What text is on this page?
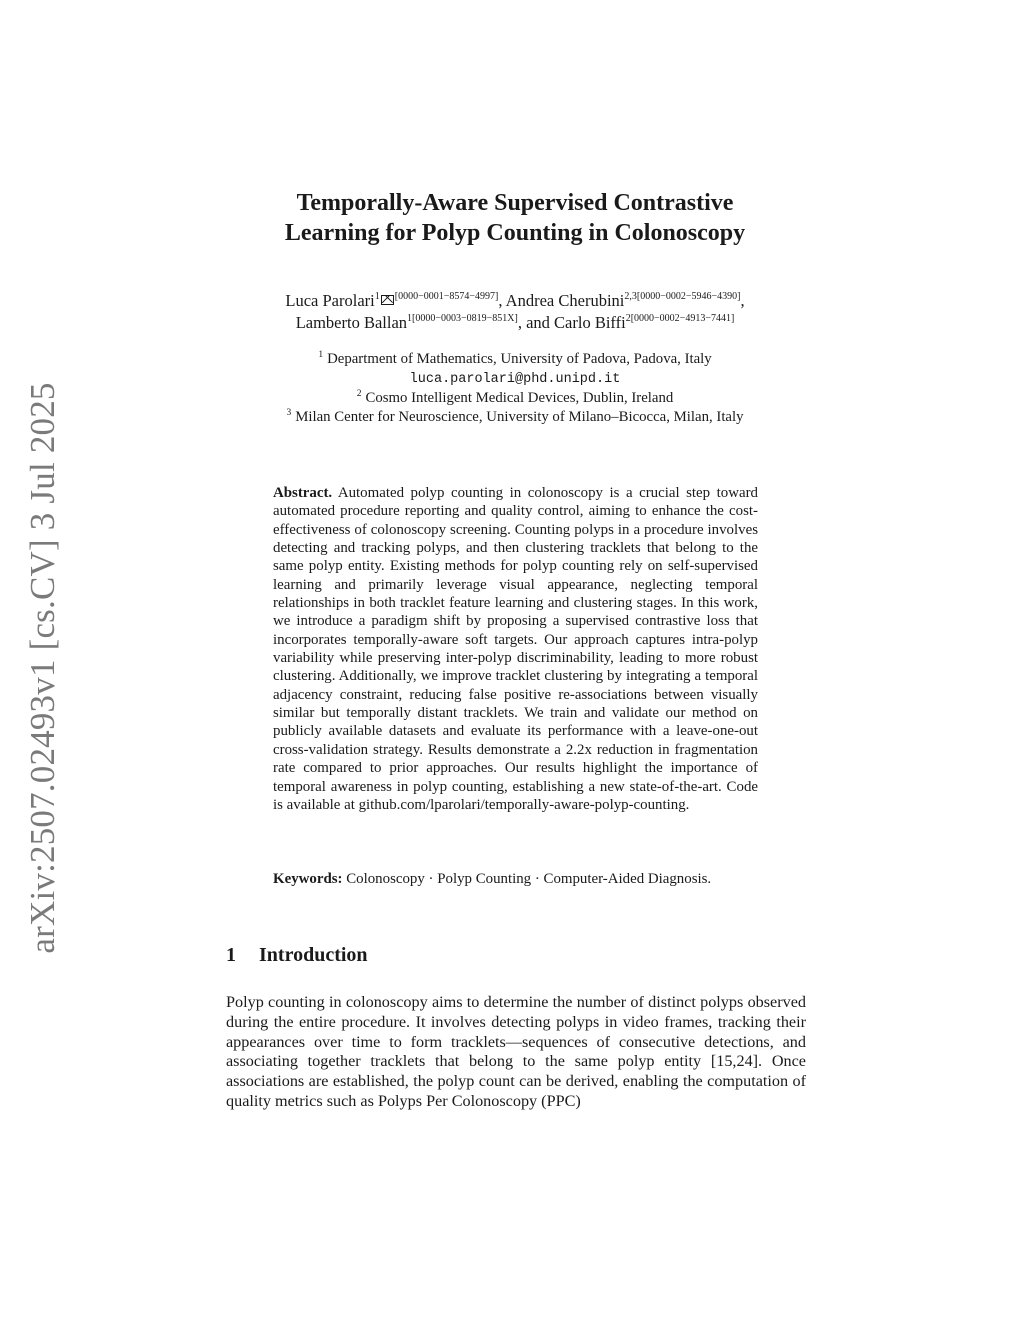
arXiv:2507.02493v1 [cs.CV] 3 Jul 2025
Temporally-Aware Supervised Contrastive
Learning for Polyp Counting in Colonoscopy
Luca Parolari$^1$ [0000−0001−8574−4997], Andrea Cherubini$^{2,3[0000-0002-5946-4390]}$,
Lamberto Ballan$^{1[0000-0003-0819-851X]}$, and Carlo Biffi$^{2[0000-0002-4913-7441]}$
$^1$ Department of Mathematics, University of Padova, Padova, Italy
luca.parolari@phd.unipd.it
$^2$ Cosmo Intelligent Medical Devices, Dublin, Ireland
$^3$ Milan Center for Neuroscience, University of Milano–Bicocca, Milan, Italy
Abstract. Automated polyp counting in colonoscopy is a crucial step toward automated procedure reporting and quality control, aiming to enhance the cost-effectiveness of colonoscopy screening. Counting polyps in a procedure involves detecting and tracking polyps, and then clustering tracklets that belong to the same polyp entity. Existing methods for polyp counting rely on self-supervised learning and primarily leverage visual appearance, neglecting temporal relationships in both tracklet feature learning and clustering stages. In this work, we introduce a paradigm shift by proposing a supervised contrastive loss that incorporates temporally-aware soft targets. Our approach captures intra-polyp variability while preserving inter-polyp discriminability, leading to more robust clustering. Additionally, we improve tracklet clustering by integrating a temporal adjacency constraint, reducing false positive re-associations between visually similar but temporally distant tracklets. We train and validate our method on publicly available datasets and evaluate its performance with a leave-one-out cross-validation strategy. Results demonstrate a 2.2x reduction in fragmentation rate compared to prior approaches. Our results highlight the importance of temporal awareness in polyp counting, establishing a new state-of-the-art. Code is available at github.com/lparolari/temporally-aware-polyp-counting.
Keywords: Colonoscopy · Polyp Counting · Computer-Aided Diagnosis.
1 Introduction
Polyp counting in colonoscopy aims to determine the number of distinct polyps observed during the entire procedure. It involves detecting polyps in video frames, tracking their appearances over time to form tracklets—sequences of consecutive detections, and associating together tracklets that belong to the same polyp entity [15,24]. Once associations are established, the polyp count can be derived, enabling the computation of quality metrics such as Polyps Per Colonoscopy (PPC)
